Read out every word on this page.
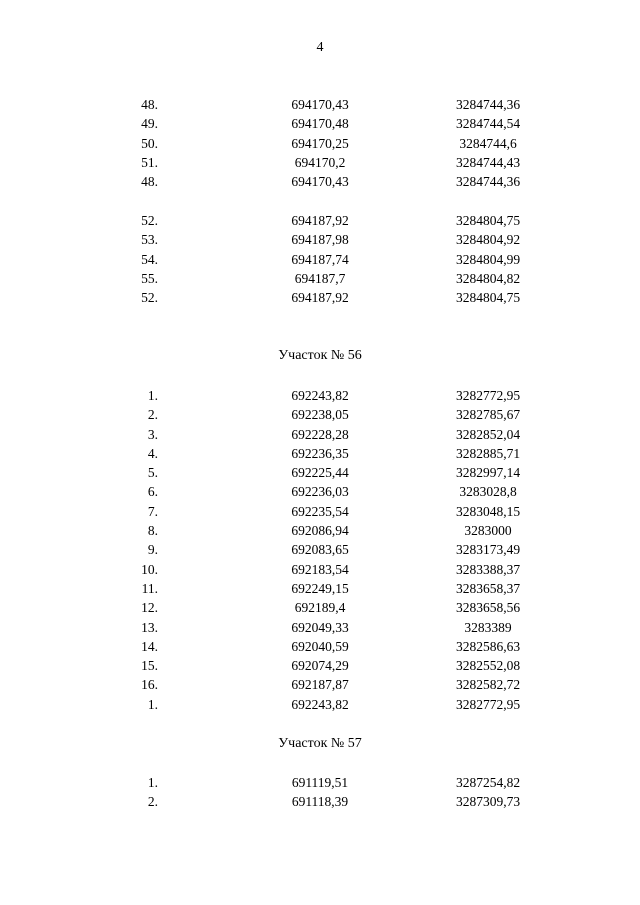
4
48.	694170,43	3284744,36
49.	694170,48	3284744,54
50.	694170,25	3284744,6
51.	694170,2	3284744,43
48.	694170,43	3284744,36
52.	694187,92	3284804,75
53.	694187,98	3284804,92
54.	694187,74	3284804,99
55.	694187,7	3284804,82
52.	694187,92	3284804,75
Участок № 56
1.	692243,82	3282772,95
2.	692238,05	3282785,67
3.	692228,28	3282852,04
4.	692236,35	3282885,71
5.	692225,44	3282997,14
6.	692236,03	3283028,8
7.	692235,54	3283048,15
8.	692086,94	3283000
9.	692083,65	3283173,49
10.	692183,54	3283388,37
11.	692249,15	3283658,37
12.	692189,4	3283658,56
13.	692049,33	3283389
14.	692040,59	3282586,63
15.	692074,29	3282552,08
16.	692187,87	3282582,72
1.	692243,82	3282772,95
Участок № 57
1.	691119,51	3287254,82
2.	691118,39	3287309,73
